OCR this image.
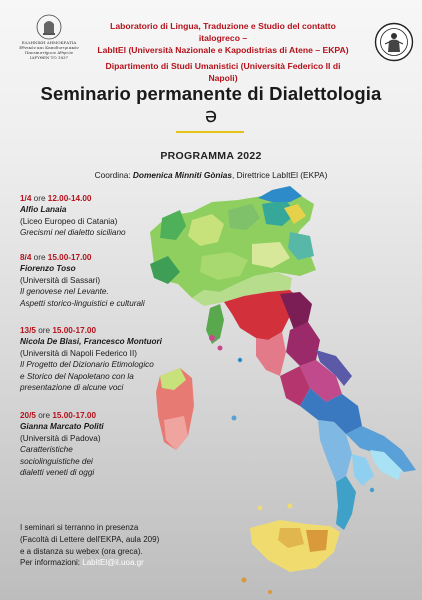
ΕΛΛΗΝΙΚΗ ΔΗΜΟΚΡΑΤΙΑ
Εθνικόν και Καποδιστριακόν
Πανεπιστήμιον Αθηνών
ΙΔΡΥΘΕΝ ΤΟ 1837
Laboratorio di Lingua, Traduzione e Studio del contatto italogreco –
LabItEl (Università Nazionale e Kapodistrias di Atene – EKPA)
Dipartimento di Studi Umanistici (Università Federico II di Napoli)
Seminario permanente di Dialettologia
ə
PROGRAMMA 2022
Coordina: Domenica Minniti Gònias, Direttrice LabItEl (EKPA)
1/4 ore 12.00-14.00
Alfio Lanaia
(Liceo Europeo di Catania)
Grecismi nel dialetto siciliano
8/4 ore 15.00-17.00
Fiorenzo Toso
(Università di Sassari)
Il genovese nel Levante.
Aspetti storico-linguistici e culturali
13/5 ore 15.00-17.00
Nicola De Blasi, Francesco Montuori
(Università di Napoli Federico II)
Il Progetto del Dizionario Etimologico
e Storico del Napoletano con la
presentazione di alcune voci
20/5 ore 15.00-17.00
Gianna Marcato Politi
(Università di Padova)
Caratteristiche
sociolinguistiche dei
dialetti veneti di oggi
I seminari si terranno in presenza
(Facoltà di Lettere dell'EKPA, aula 209)
e a distanza su webex (ora greca).
Per informazioni: LabItEl@il.uoa.gr
